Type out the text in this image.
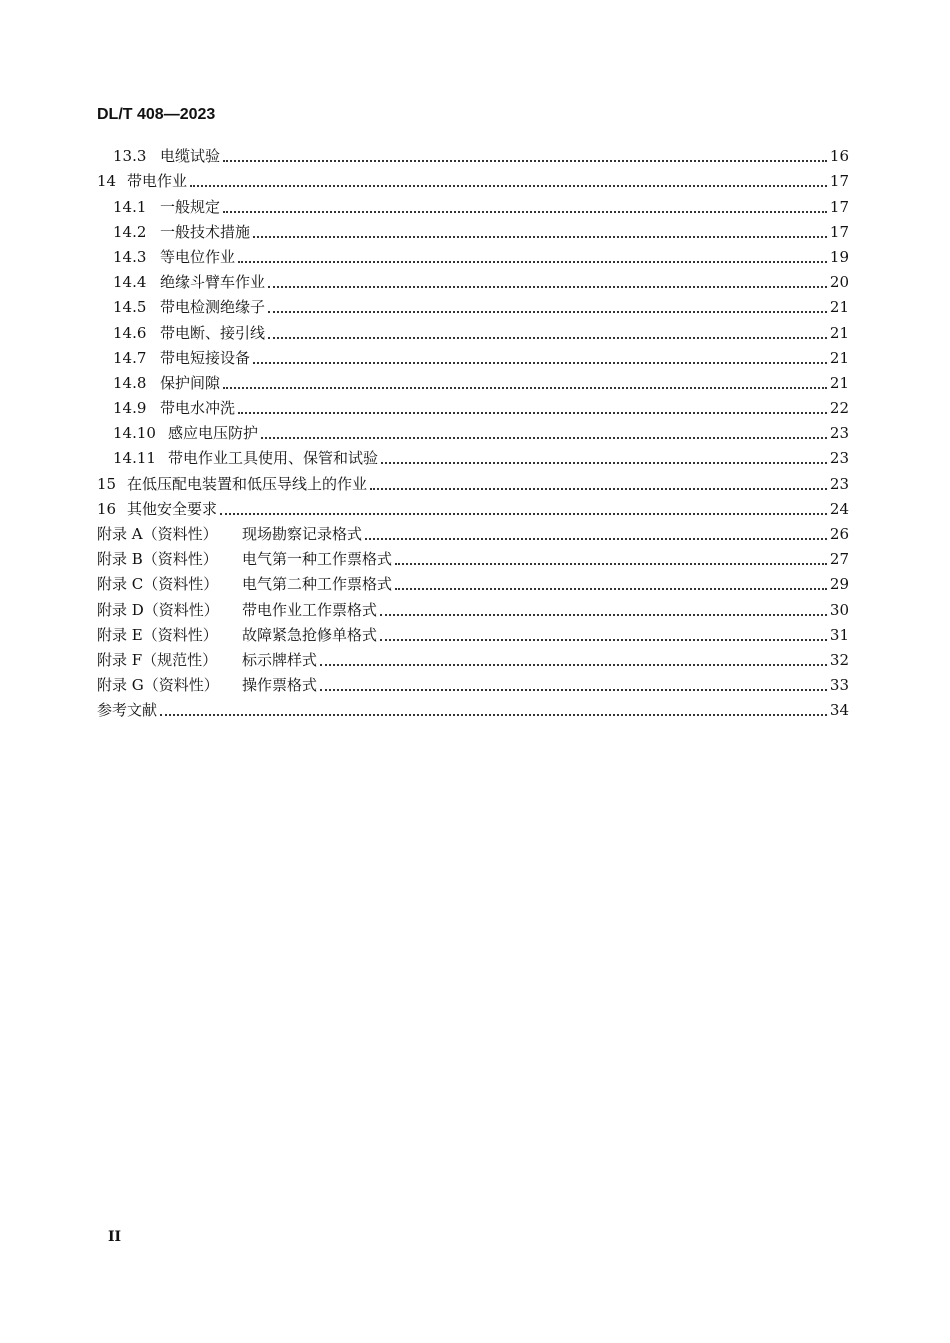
DL/T 408—2023
13.3 电缆试验	16
14 带电作业	17
14.1 一般规定	17
14.2 一般技术措施	17
14.3 等电位作业	19
14.4 绝缘斗臂车作业	20
14.5 带电检测绝缘子	21
14.6 带电断、接引线	21
14.7 带电短接设备	21
14.8 保护间隙	21
14.9 带电水冲洗	22
14.10 感应电压防护	23
14.11 带电作业工具使用、保管和试验	23
15 在低压配电装置和低压导线上的作业	23
16 其他安全要求	24
附录 A（资料性）	现场勘察记录格式	26
附录 B（资料性）	电气第一种工作票格式	27
附录 C（资料性）	电气第二种工作票格式	29
附录 D（资料性）	带电作业工作票格式	30
附录 E（资料性）	故障紧急抢修单格式	31
附录 F（规范性）	标示牌样式	32
附录 G（资料性）	操作票格式	33
参考文献	34
II
